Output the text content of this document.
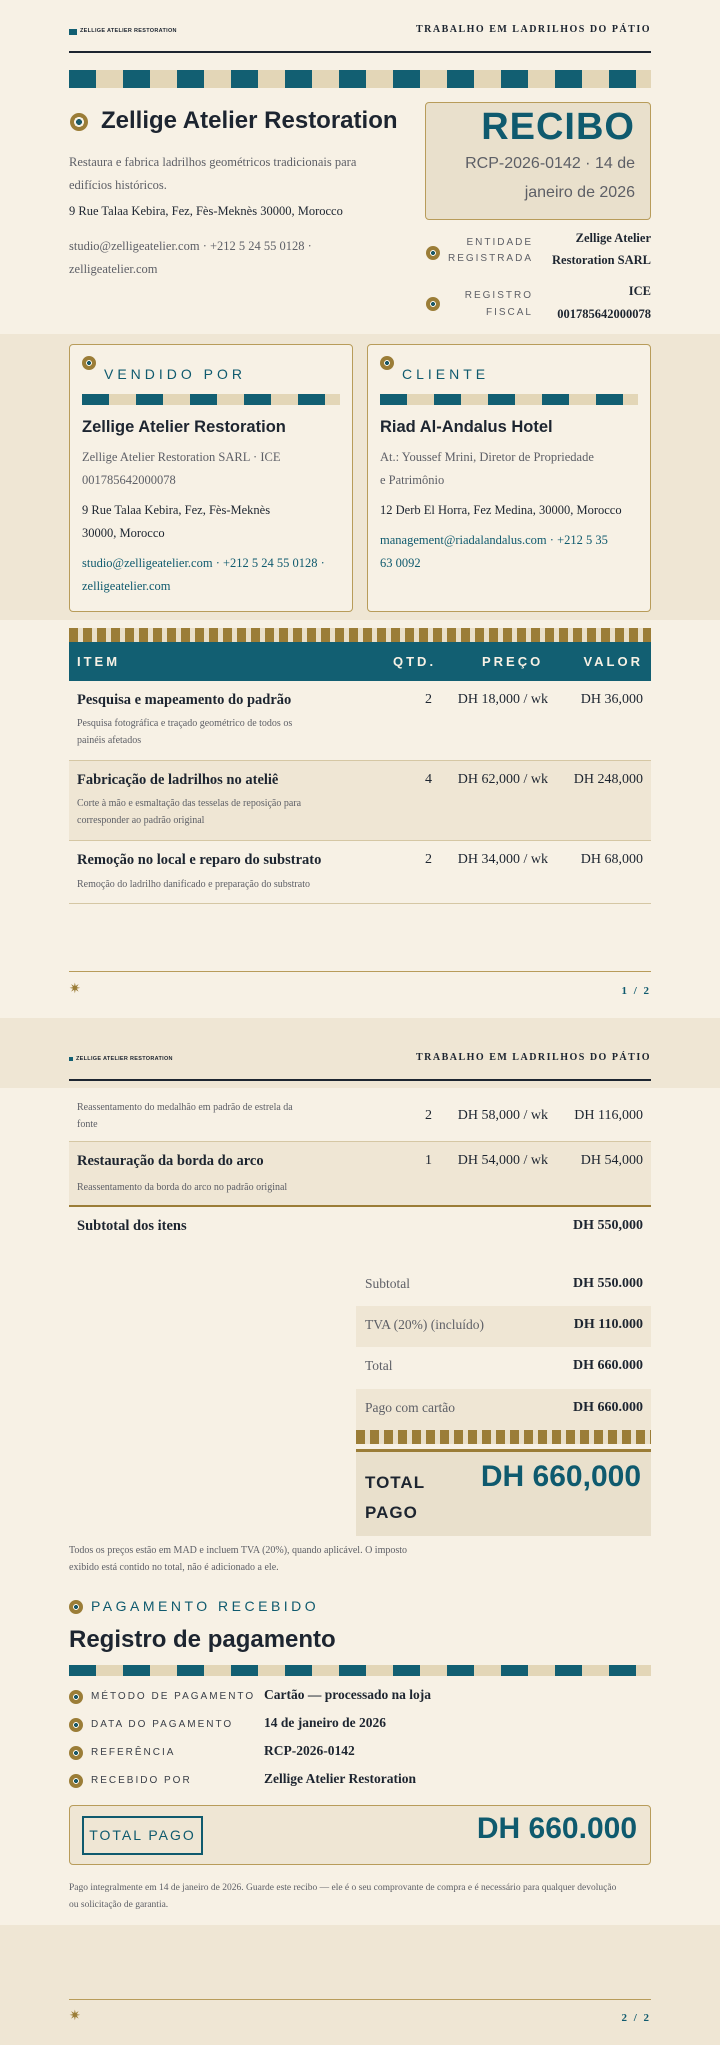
ZELLIGE ATELIER RESTORATION	TRABALHO EM LADRILHOS DO PÁTIO
Zellige Atelier Restoration
Restaura e fabrica ladrilhos geométricos tradicionais para edifícios históricos.
9 Rue Talaa Kebira, Fez, Fès-Meknès 30000, Morocco
studio@zelligeatelier.com · +212 5 24 55 0128 · zelligeatelier.com
RECIBO
RCP-2026-0142 · 14 de
janeiro de 2026
ENTIDADE
REGISTRADA
Zellige Atelier
Restoration SARL
REGISTRO
FISCAL
ICE
001785642000078
VENDIDO POR
Zellige Atelier Restoration
Zellige Atelier Restoration SARL · ICE
001785642000078
9 Rue Talaa Kebira, Fez, Fès-Meknès
30000, Morocco
studio@zelligeatelier.com · +212 5 24 55 0128 ·
zelligeatelier.com
CLIENTE
Riad Al-Andalus Hotel
At.: Youssef Mrini, Diretor de Propriedade
e Patrimônio
12 Derb El Horra, Fez Medina, 30000, Morocco
management@riadalandalus.com · +212 5 35
63 0092
ITEM	QTD.	PREÇO	VALOR
Pesquisa e mapeamento do padrão
Pesquisa fotográfica e traçado geométrico de todos os
painéis afetados
2	DH 18,000 / wk DH 36,000
Fabricação de ladrilhos no ateliê
Corte à mão e esmaltação das tesselas de reposição para
corresponder ao padrão original
4	DH 62,000 / wk DH 248,000
Remoção no local e reparo do substrato
Remoção do ladrilho danificado e preparação do substrato
2	DH 34,000 / wk DH 68,000
✷	1 / 2
ZELLIGE ATELIER RESTORATION	TRABALHO EM LADRILHOS DO PÁTIO
Reassentamento do medalhão em padrão de estrela da
fonte
2	DH 58,000 / wk DH 116,000
Restauração da borda do arco
Reassentamento da borda do arco no padrão original
1	DH 54,000 / wk DH 54,000
Subtotal dos itens	DH 550,000
Subtotal	DH 550.000
TVA (20%) (incluído)	DH 110.000
Total	DH 660.000
Pago com cartão	DH 660.000
TOTAL
PAGO
DH 660,000
Todos os preços estão em MAD e incluem TVA (20%), quando aplicável. O imposto
exibido está contido no total, não é adicionado a ele.
PAGAMENTO RECEBIDO
Registro de pagamento
MÉTODO DE PAGAMENTO Cartão — processado na loja
DATA DO PAGAMENTO 14 de janeiro de 2026
REFERÊNCIA	RCP-2026-0142
RECEBIDO POR	Zellige Atelier Restoration
TOTAL PAGO	DH 660.000
Pago integralmente em 14 de janeiro de 2026. Guarde este recibo — ele é o seu comprovante de compra e é necessário para qualquer devolução
ou solicitação de garantia.
✷	2 / 2
